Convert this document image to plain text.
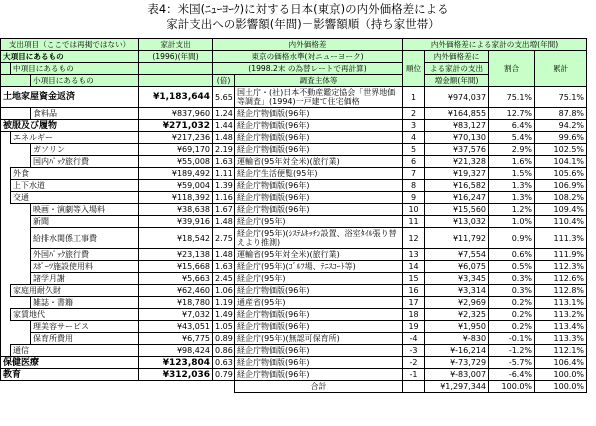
表4：米国(ﾆｭｰﾖｰｸ)に対する日本(東京)の内外価格差による
家計支出への影響額(年間)－影響額順（持ち家世帯）
支出項目（ここでは再掲ではない）			家計支出	内外価格差		内外価格差による家計の支出増(年間)			
大項目にあるもの			(1996)(年間)	東京の価格水準(対ニューヨーク)		順位	内外価格差に	割合	累計
	中項目にあるもの			(1998.2末 の為替レートで再計算)			よる家計の支出		
		小項目にあるもの		(倍)	調査主体等		増金額(年間)		
土地家屋資金返済			¥1,183,644	5.65	国土庁・(社)日本不動産鑑定協会「世界地価等調査」(1994)一戸建て住宅価格	1	¥974,037	75.1%	75.1%
		食料品	¥837,960	1.24	経企庁物価版(96年)	2	¥164,855	12.7%	87.8%
被服及び履物			¥271,032	1.44	経企庁物価版(96年)	3	¥83,127	6.4%	94.2%
	エネルギー		¥217,236	1.48	経企庁物価版(96年)	4	¥70,130	5.4%	99.6%
		ガソリン	¥69,170	2.19	経企庁物価版(96年)	5	¥37,576	2.9%	102.5%
		国内ﾊﾟｯｸ旅行費	¥55,008	1.63	運輸省(95年対全米)(旅行業)	6	¥21,328	1.6%	104.1%
	外食		¥189,492	1.11	経企庁生活便覧(95年)	7	¥19,327	1.5%	105.6%
	上下水道		¥59,004	1.39	経企庁物価版(96年)	8	¥16,582	1.3%	106.9%
	交通		¥118,392	1.16	経企庁物価版(96年)	9	¥16,247	1.3%	108.2%
		映画・演劇等入場料	¥38,638	1.67	経企庁物価版(96年)	10	¥15,560	1.2%	109.4%
		新聞	¥39,916	1.48	経企庁(95年)	11	¥13,032	1.0%	110.4%
		給排水関係工事費	¥18,542	2.75	経企庁(95年)(ｼｽﾃﾑｷｯﾁﾝ設置、浴室ﾀｲﾙ張り替えより推測)	12	¥11,792	0.9%	111.3%
		外国ﾊﾟｯｸ旅行費	¥23,138	1.48	運輸省(95年対全米)(旅行業)	13	¥7,554	0.6%	111.9%
		ｽﾎﾟｰﾂ施設使用料	¥15,668	1.63	経企庁(95年)(ｺﾞﾙﾌ場、ﾃﾆｽｺｰﾄ等)	14	¥6,075	0.5%	112.3%
		諸学月謝	¥5,663	2.45	経企庁(95年)	15	¥3,345	0.3%	112.6%
	家庭用耐久財		¥62,460	1.06	経企庁物価版(96年)	16	¥3,314	0.3%	112.8%
		雑誌・書籍	¥18,780	1.19	通産省(95年)	17	¥2,969	0.2%	113.1%
	家賃地代		¥7,032	1.49	経企庁物価版(96年)	18	¥2,325	0.2%	113.2%
		理美容サービス	¥43,051	1.05	経企庁物価版(96年)	19	¥1,950	0.2%	113.4%
		保育所費用	¥6,775	0.89	経企庁(95年)(無認可保育所)	-4	¥-830	-0.1%	113.3%
	通信		¥98,424	0.86	経企庁物価版(96年)	-3	¥-16,214	-1.2%	112.1%
保健医療			¥123,804	0.63	経企庁物価版(96年)	-2	¥-73,729	-5.7%	106.4%
教育			¥312,036	0.79	経企庁物価版(96年)	-1	¥-83,007	-6.4%	100.0%
					合計		¥1,297,344	100.0%	100.0%
